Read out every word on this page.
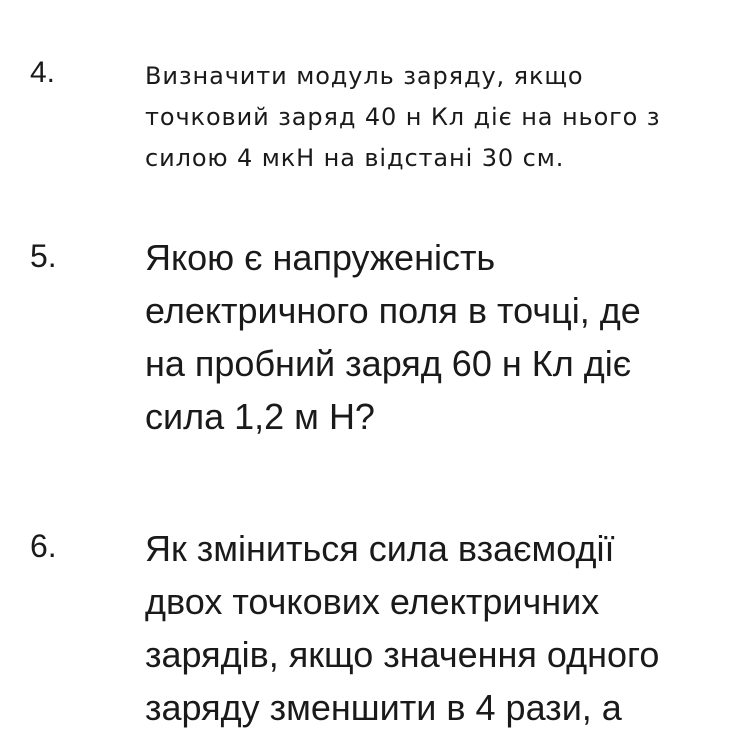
4.	Визначити модуль заряду, якщо
точковий заряд 40 н Кл діє на нього з
силою 4 мкН на відстані 30 см.
5. Якою є напруженість
електричного поля в точці, де
на пробний заряд 60 н Кл діє
сила 1,2 м Н?
6. Як зміниться сила взаємодії
двох точкових електричних
зарядів, якщо значення одного
заряду зменшити в 4 рази, а
